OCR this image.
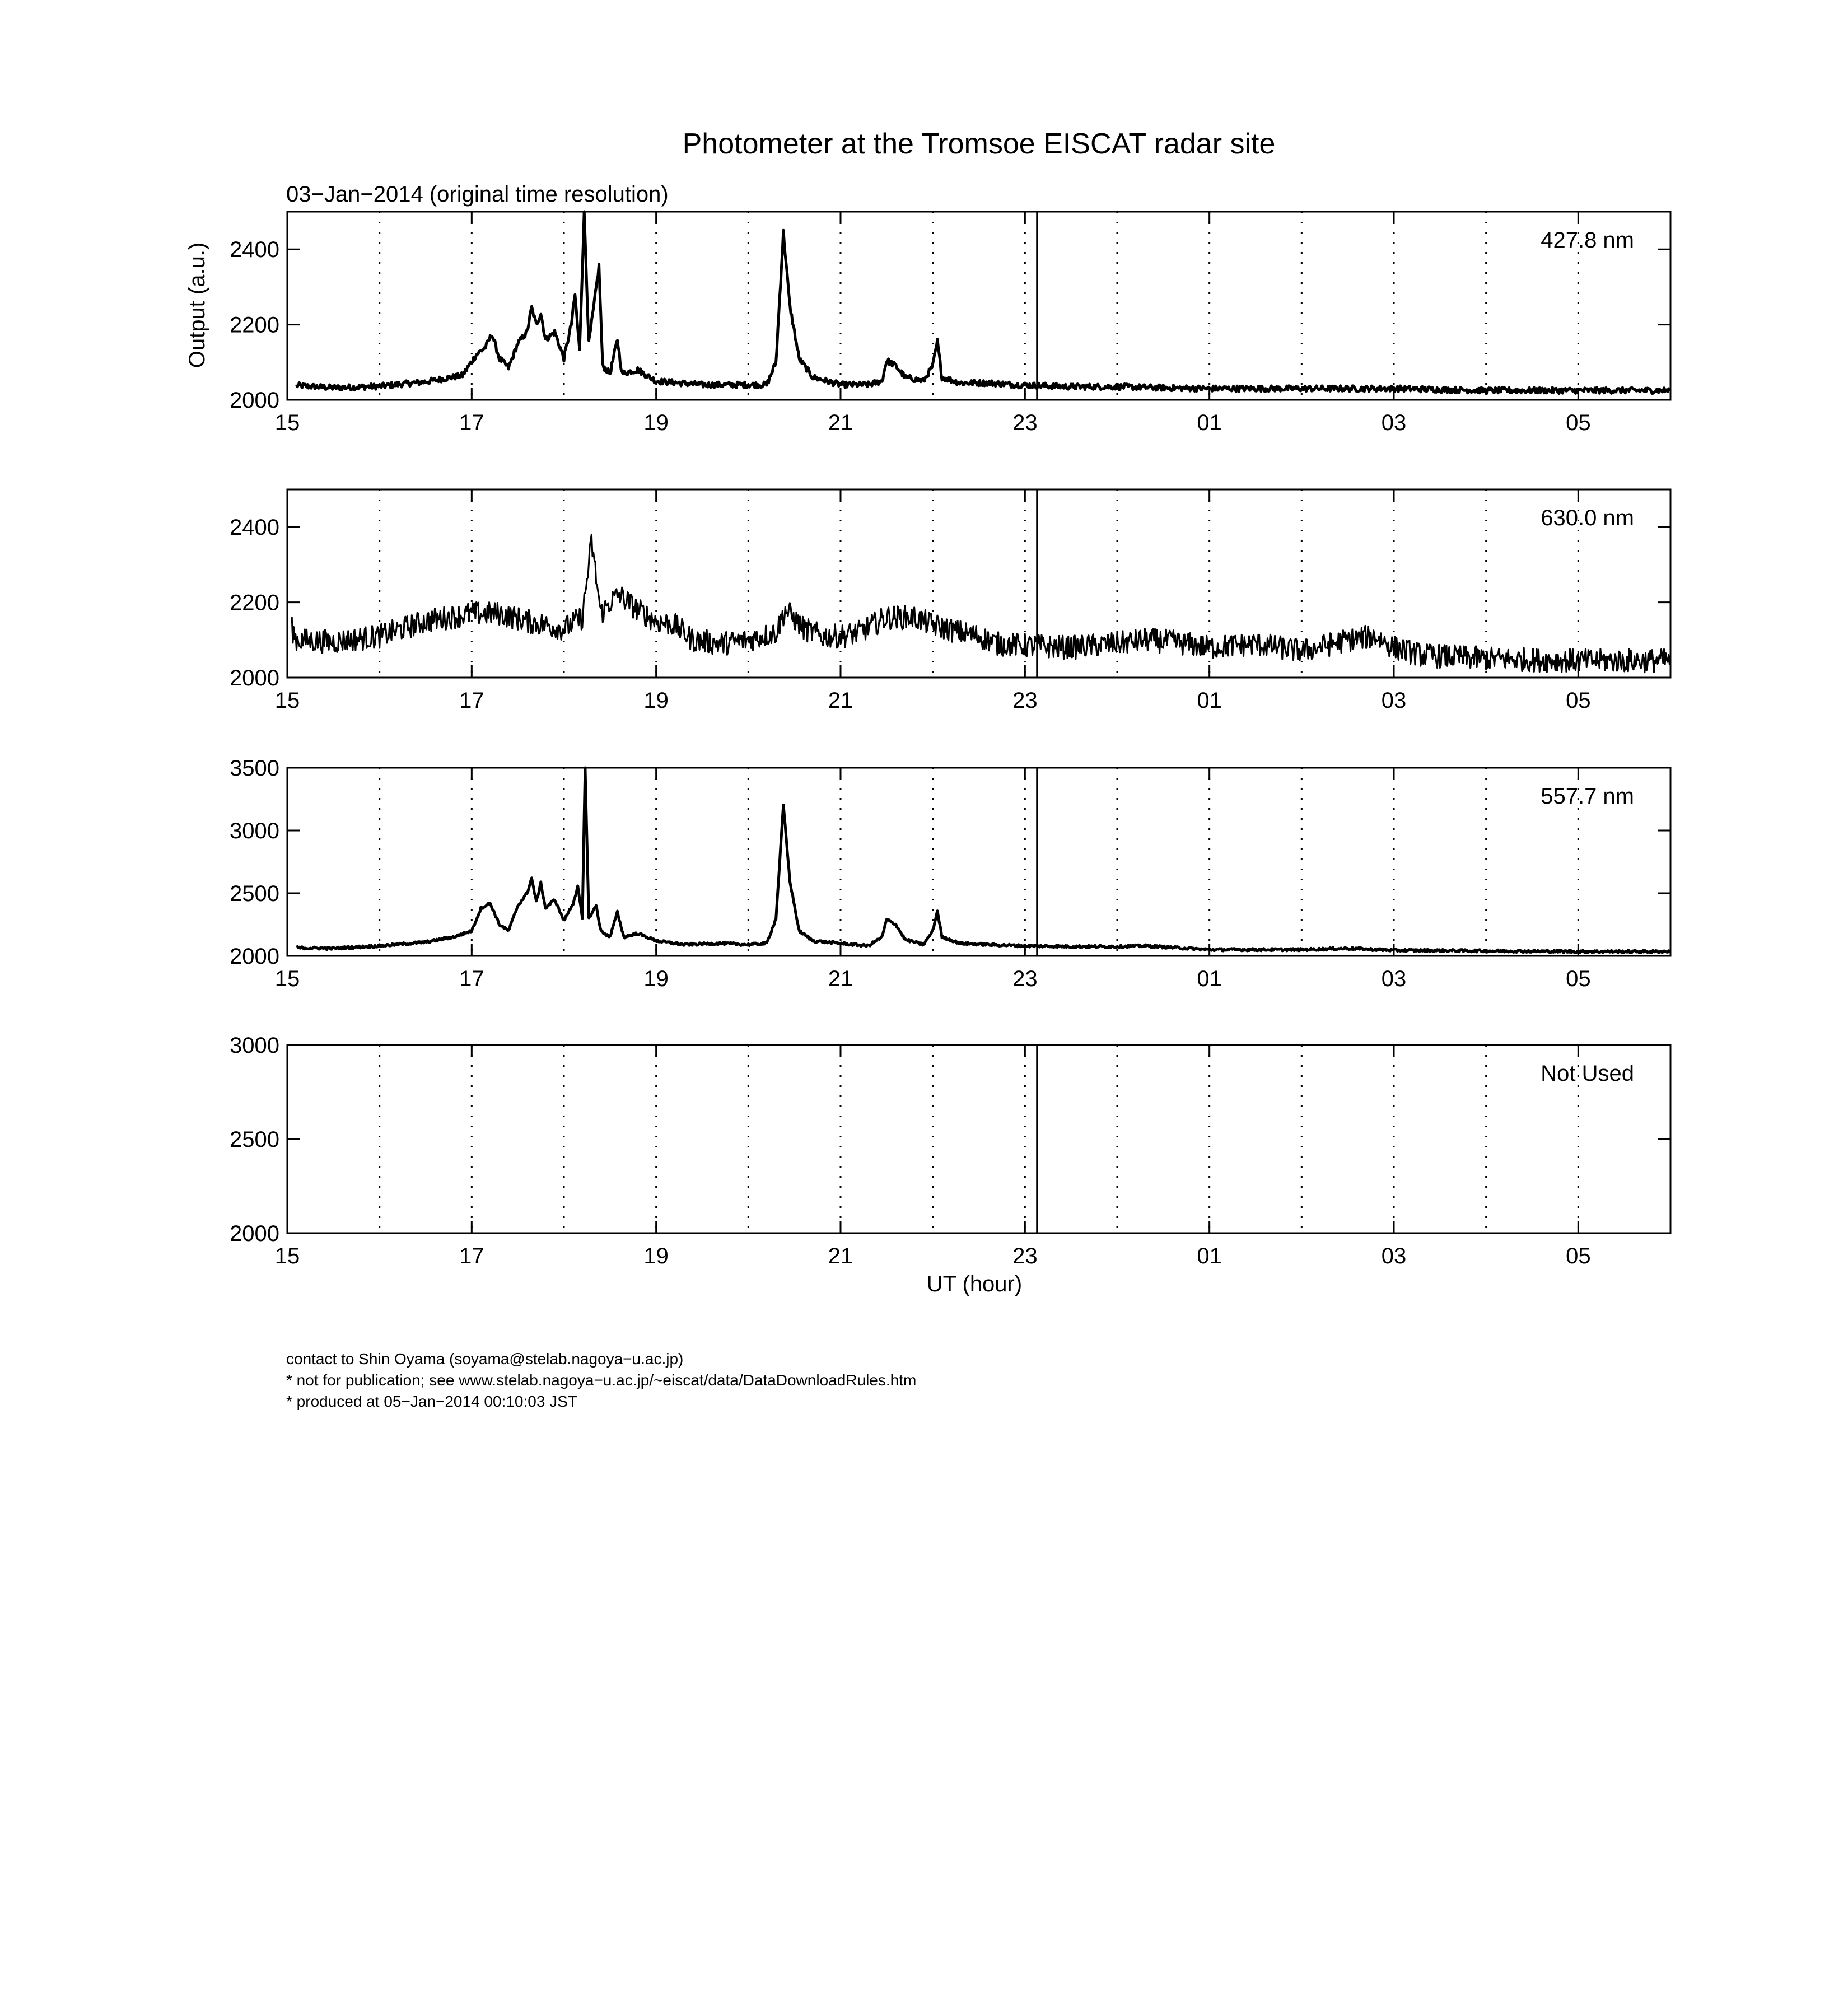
Photometer at the Tromsoe EISCAT radar site
03−Jan−2014 (original time resolution)
Output (a.u.)
UT (hour)
2000
2200
2400
15	17	19	21	23	01	03	05
427.8 nm
2000
2200
2400
15	17	19	21	23	01	03	05
630.0 nm
2000
2500
3000
3500
15	17	19	21	23	01	03	05
557.7 nm
2000
2500
3000
15	17	19	21	23	01	03	05
Not Used
contact to Shin Oyama (soyama@stelab.nagoya−u.ac.jp)
* not for publication; see www.stelab.nagoya−u.ac.jp/~eiscat/data/DataDownloadRules.htm
* produced at 05−Jan−2014 00:10:03 JST
